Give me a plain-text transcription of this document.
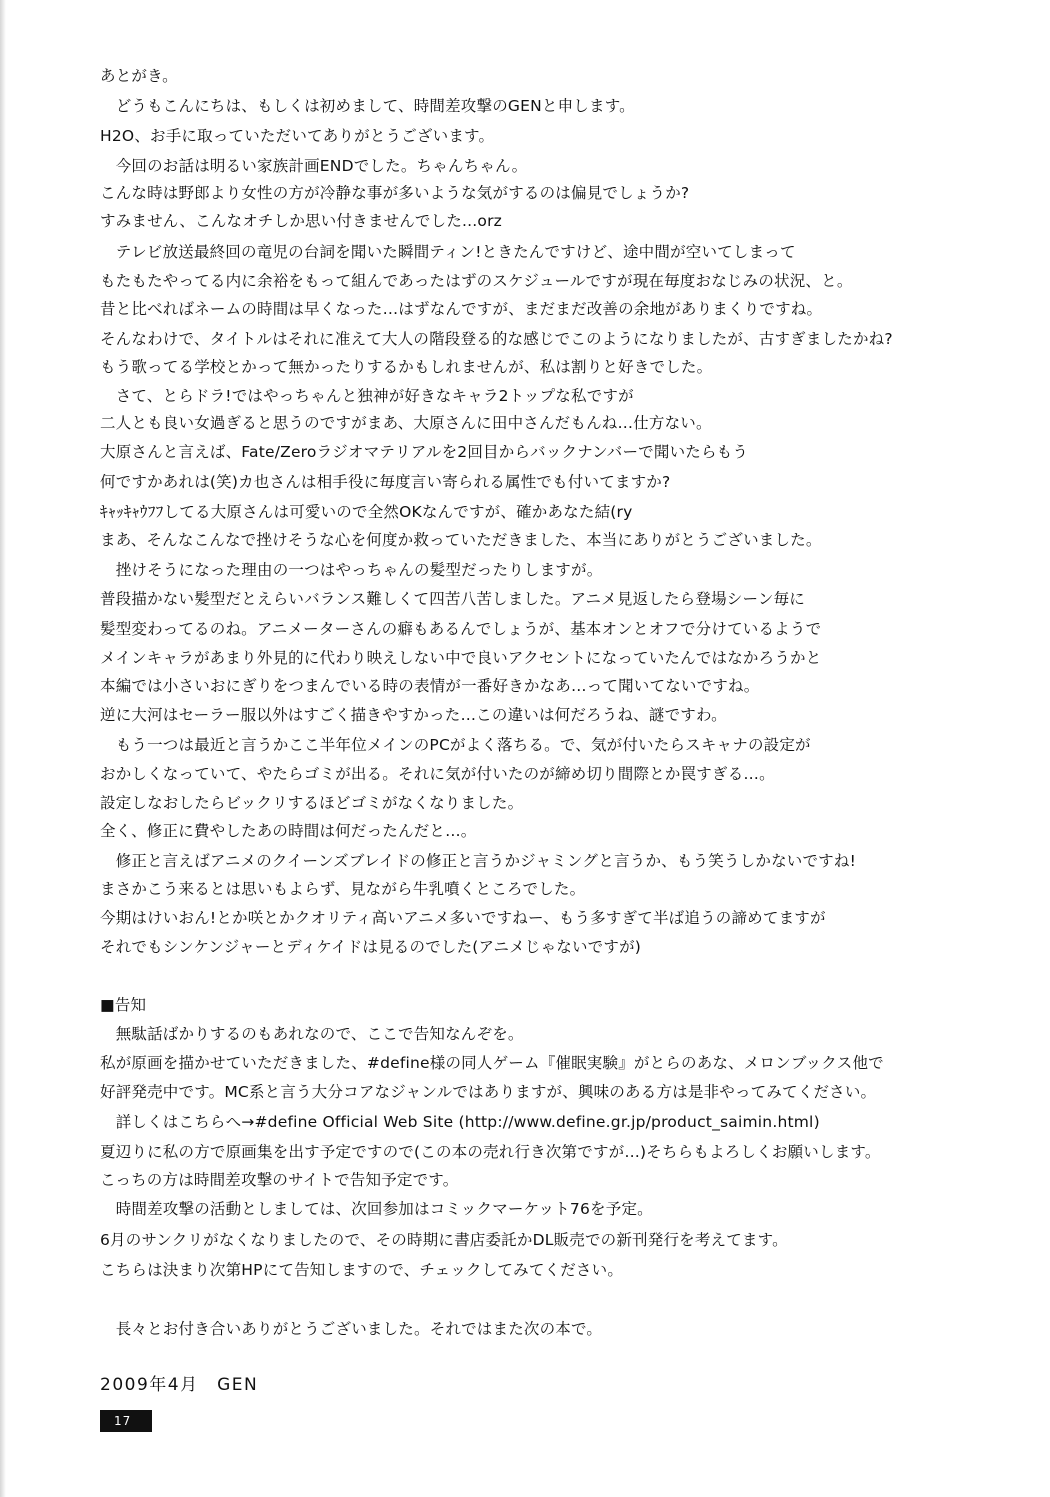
あとがき。
　どうもこんにちは、もしくは初めまして、時間差攻撃のGENと申します。
H2O、お手に取っていただいてありがとうございます。
　今回のお話は明るい家族計画ENDでした。ちゃんちゃん。
こんな時は野郎より女性の方が冷静な事が多いような気がするのは偏見でしょうか?
すみません、こんなオチしか思い付きませんでした...orz
　テレビ放送最終回の竜児の台詞を聞いた瞬間ティン!ときたんですけど、途中間が空いてしまって
もたもたやってる内に余裕をもって組んであったはずのスケジュールですが現在毎度おなじみの状況、と。
昔と比べればネームの時間は早くなった…はずなんですが、まだまだ改善の余地がありまくりですね。
そんなわけで、タイトルはそれに准えて大人の階段登る的な感じでこのようになりましたが、古すぎましたかね?
もう歌ってる学校とかって無かったりするかもしれませんが、私は割りと好きでした。
　さて、とらドラ!ではやっちゃんと独神が好きなキャラ2トップな私ですが
二人とも良い女過ぎると思うのですがまあ、大原さんに田中さんだもんね…仕方ない。
大原さんと言えば、Fate/Zeroラジオマテリアルを2回目からバックナンバーで聞いたらもう
何ですかあれは(笑)カ也さんは相手役に毎度言い寄られる属性でも付いてますか?
ｷｬｯｷｬｳﾌﾌしてる大原さんは可愛いので全然OKなんですが、確かあなた結(ry
まあ、そんなこんなで挫けそうな心を何度か救っていただきました、本当にありがとうございました。
　挫けそうになった理由の一つはやっちゃんの髪型だったりしますが。
普段描かない髪型だとえらいバランス難しくて四苦八苦しました。アニメ見返したら登場シーン毎に
髪型変わってるのね。アニメーターさんの癖もあるんでしょうが、基本オンとオフで分けているようで
メインキャラがあまり外見的に代わり映えしない中で良いアクセントになっていたんではなかろうかと
本編では小さいおにぎりをつまんでいる時の表情が一番好きかなあ…って聞いてないですね。
逆に大河はセーラー服以外はすごく描きやすかった…この違いは何だろうね、謎ですわ。
　もう一つは最近と言うかここ半年位メインのPCがよく落ちる。で、気が付いたらスキャナの設定が
おかしくなっていて、やたらゴミが出る。それに気が付いたのが締め切り間際とか罠すぎる…。
設定しなおしたらビックリするほどゴミがなくなりました。
全く、修正に費やしたあの時間は何だったんだと…。
　修正と言えばアニメのクイーンズブレイドの修正と言うかジャミングと言うか、もう笑うしかないですね!
まさかこう来るとは思いもよらず、見ながら牛乳噴くところでした。
今期はけいおん!とか咲とかクオリティ高いアニメ多いですねー、もう多すぎて半ば追うの諦めてますが
それでもシンケンジャーとディケイドは見るのでした(アニメじゃないですが)
■告知
　無駄話ばかりするのもあれなので、ここで告知なんぞを。
私が原画を描かせていただきました、#define様の同人ゲーム『催眠実験』がとらのあな、メロンブックス他で
好評発売中です。MC系と言う大分コアなジャンルではありますが、興味のある方は是非やってみてください。
　詳しくはこちらへ→#define Official Web Site (http://www.define.gr.jp/product_saimin.html)
夏辺りに私の方で原画集を出す予定ですので(この本の売れ行き次第ですが…)そちらもよろしくお願いします。
こっちの方は時間差攻撃のサイトで告知予定です。
　時間差攻撃の活動としましては、次回参加はコミックマーケット76を予定。
6月のサンクリがなくなりましたので、その時期に書店委託かDL販売での新刊発行を考えてます。
こちらは決まり次第HPにて告知しますので、チェックしてみてください。
　長々とお付き合いありがとうございました。それではまた次の本で。
2009年4月　GEN
17
